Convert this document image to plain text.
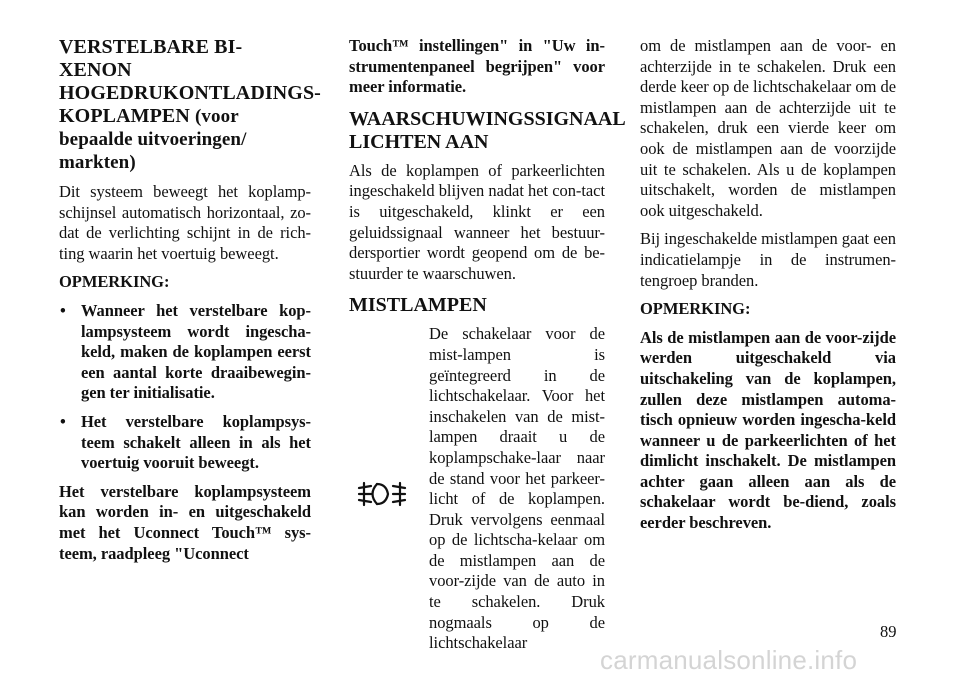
VERSTELBARE BI-XENON HOGEDRUKONTLADINGS-KOPLAMPEN (voor bepaalde uitvoeringen/ markten)

Dit systeem beweegt het koplamp-schijnsel automatisch horizontaal, zo-dat de verlichting schijnt in de rich-ting waarin het voertuig beweegt.

OPMERKING:

• Wanneer het verstelbare kop-lampsysteem wordt ingescha-keld, maken de koplampen eerst een aantal korte draaibewegin-gen ter initialisatie.
• Het verstelbare koplampsys-teem schakelt alleen in als het voertuig vooruit beweegt.

Het verstelbare koplampsysteem kan worden in- en uitgeschakeld met het Uconnect Touch™ sys-teem, raadpleeg "Uconnect

Touch™ instellingen" in "Uw in-strumentenpaneel begrijpen" voor meer informatie.

WAARSCHUWINGSSIGNAAL LICHTEN AAN

Als de koplampen of parkeerlichten ingeschakeld blijven nadat het con-tact is uitgeschakeld, klinkt er een geluidssignaal wanneer het bestuur-dersportier wordt geopend om de be-stuurder te waarschuwen.

MISTLAMPEN

De schakelaar voor de mist-lampen is geïntegreerd in de lichtschakelaar. Voor het inschakelen van de mist-lampen draait u de koplampschake-laar naar de stand voor het parkeer-licht of de koplampen. Druk vervolgens eenmaal op de lichtscha-kelaar om de mistlampen aan de voor-zijde van de auto in te schakelen. Druk nogmaals op de lichtschakelaar

om de mistlampen aan de voor- en achterzijde in te schakelen. Druk een derde keer op de lichtschakelaar om de mistlampen aan de achterzijde uit te schakelen, druk een vierde keer om ook de mistlampen aan de voorzijde uit te schakelen. Als u de koplampen uitschakelt, worden de mistlampen ook uitgeschakeld.

Bij ingeschakelde mistlampen gaat een indicatielampje in de instrumen-tengroep branden.

OPMERKING:

Als de mistlampen aan de voor-zijde werden uitgeschakeld via uitschakeling van de koplampen, zullen deze mistlampen automa-tisch opnieuw worden ingescha-keld wanneer u de parkeerlichten of het dimlicht inschakelt. De mistlampen achter gaan alleen aan als de schakelaar wordt be-diend, zoals eerder beschreven.

89
carmanualsonline.info
